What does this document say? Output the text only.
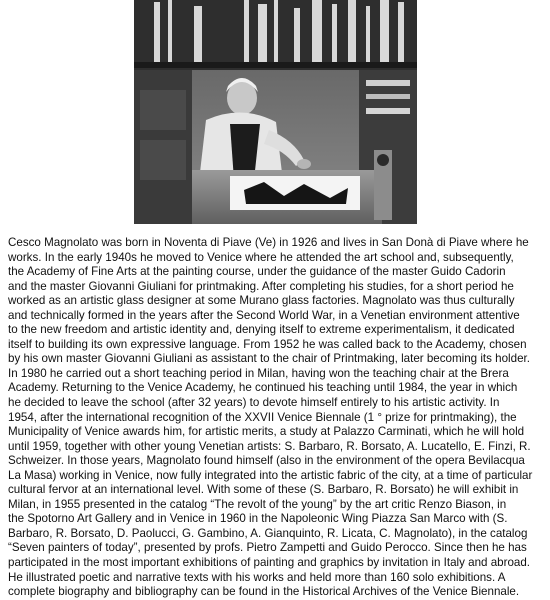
Cesco Magnolato was born in Noventa di Piave (Ve) in 1926 and lives in San Donà di Piave where he
works. In the early 1940s he moved to Venice where he attended the art school and, subsequently,
the Academy of Fine Arts at the painting course, under the guidance of the master Guido Cadorin
and the master Giovanni Giuliani for printmaking. After completing his studies, for a short period he
worked as an artistic glass designer at some Murano glass factories. Magnolato was thus culturally
and technically formed in the years after the Second World War, in a Venetian environment attentive
to the new freedom and artistic identity and, denying itself to extreme experimentalism, it dedicated
itself to building its own expressive language. From 1952 he was called back to the Academy, chosen
by his own master Giovanni Giuliani as assistant to the chair of Printmaking, later becoming its holder.
In 1980 he carried out a short teaching period in Milan, having won the teaching chair at the Brera
Academy. Returning to the Venice Academy, he continued his teaching until 1984, the year in which
he decided to leave the school (after 32 years) to devote himself entirely to his artistic activity. In
1954, after the international recognition of the XXVII Venice Biennale (1 ° prize for printmaking), the
Municipality of Venice awards him, for artistic merits, a study at Palazzo Carminati, which he will hold
until 1959, together with other young Venetian artists: S. Barbaro, R. Borsato, A. Lucatello, E. Finzi, R.
Schweizer. In those years, Magnolato found himself (also in the environment of the opera Bevilacqua
La Masa) working in Venice, now fully integrated into the artistic fabric of the city, at a time of particular
cultural fervor at an international level. With some of these (S. Barbaro, R. Borsato) he will exhibit in
Milan, in 1955 presented in the catalog “The revolt of the young” by the art critic Renzo Biason, in
the Spotorno Art Gallery and in Venice in 1960 in the Napoleonic Wing Piazza San Marco with (S.
Barbaro, R. Borsato, D. Paolucci, G. Gambino, A. Gianquinto, R. Licata, C. Magnolato), in the catalog
“Seven painters of today”, presented by profs. Pietro Zampetti and Guido Perocco. Since then he has
participated in the most important exhibitions of painting and graphics by invitation in Italy and abroad.
He illustrated poetic and narrative texts with his works and held more than 160 solo exhibitions. A
complete biography and bibliography can be found in the Historical Archives of the Venice Biennale.
